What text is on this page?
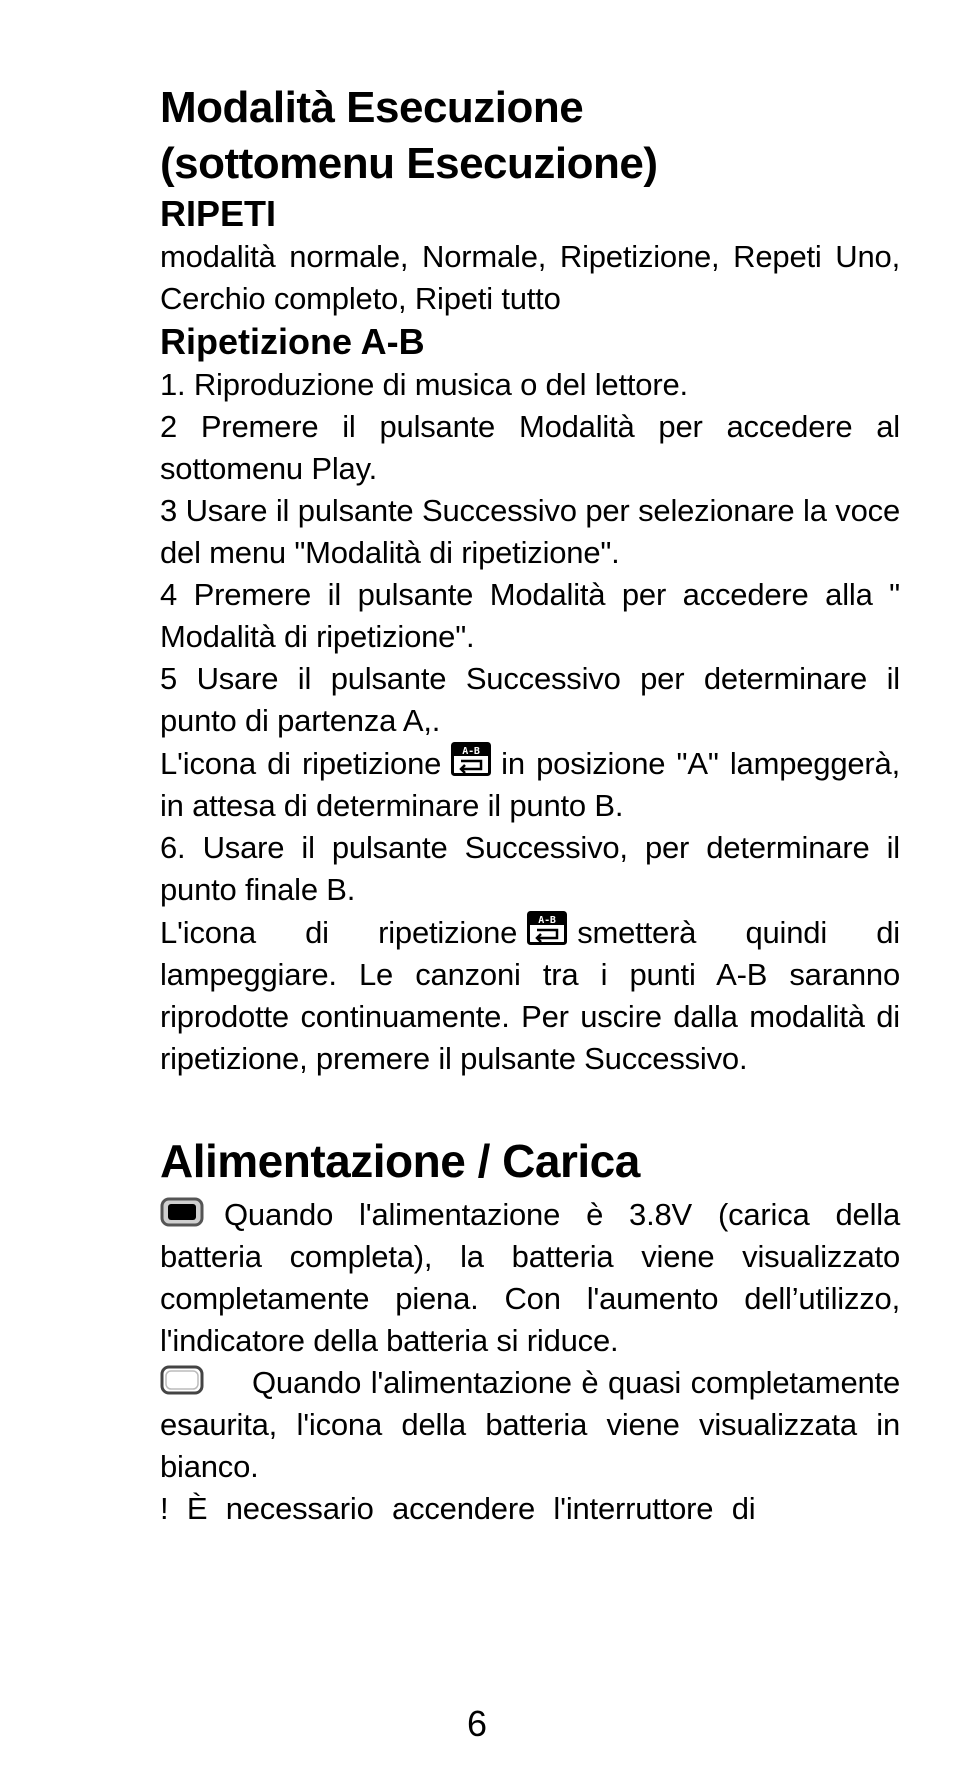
Modalità Esecuzione
(sottomenu Esecuzione)
RIPETI

modalità normale, Normale, Ripetizione, Repeti Uno, Cerchio completo, Ripeti tutto

Ripetizione A-B

1. Riproduzione di musica o del lettore.

2 Premere il pulsante Modalità per accedere al sottomenu Play.

3 Usare il pulsante Successivo per selezionare la voce del menu "Modalità di ripetizione".

4 Premere il pulsante Modalità per accedere alla " Modalità di ripetizione".

5 Usare il pulsante Successivo per determinare il punto di partenza A,.

L'icona di ripetizione A-B in posizione "A" lampeggerà, in attesa di determinare il punto B.

6. Usare il pulsante Successivo, per determinare il punto finale B.

L'icona di ripetizione A-B smetterà quindi di lampeggiare. Le canzoni tra i punti A-B saranno riprodotte continuamente. Per uscire dalla modalità di ripetizione, premere il pulsante Successivo.

Alimentazione / Carica

Quando l'alimentazione è 3.8V (carica della batteria completa), la batteria viene visualizzato completamente piena. Con l'aumento dell’utilizzo, l'indicatore della batteria si riduce.

Quando l'alimentazione è quasi completamente esaurita, l'icona della batteria viene visualizzata in bianco.

! È necessario accendere l'interruttore di

6
